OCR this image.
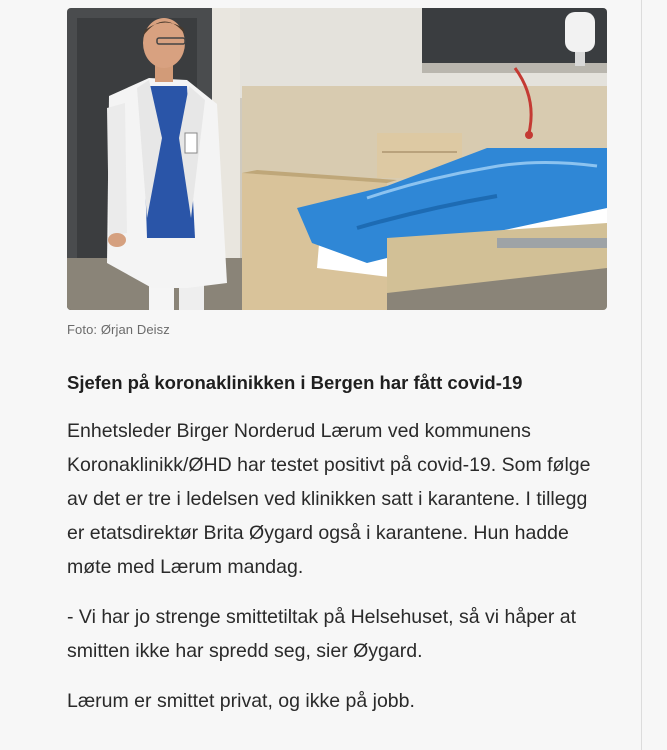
Foto: Ørjan Deisz
Sjefen på koronaklinikken i Bergen har fått covid-19

Enhetsleder Birger Norderud Lærum ved kommunens Koronaklinikk/ØHD har testet positivt på covid-19. Som følge av det er tre i ledelsen ved klinikken satt i karantene. I tillegg er etatsdirektør Brita Øygard også i karantene. Hun hadde møte med Lærum mandag.

- Vi har jo strenge smittetiltak på Helsehuset, så vi håper at smitten ikke har spredd seg, sier Øygard.

Lærum er smittet privat, og ikke på jobb.
